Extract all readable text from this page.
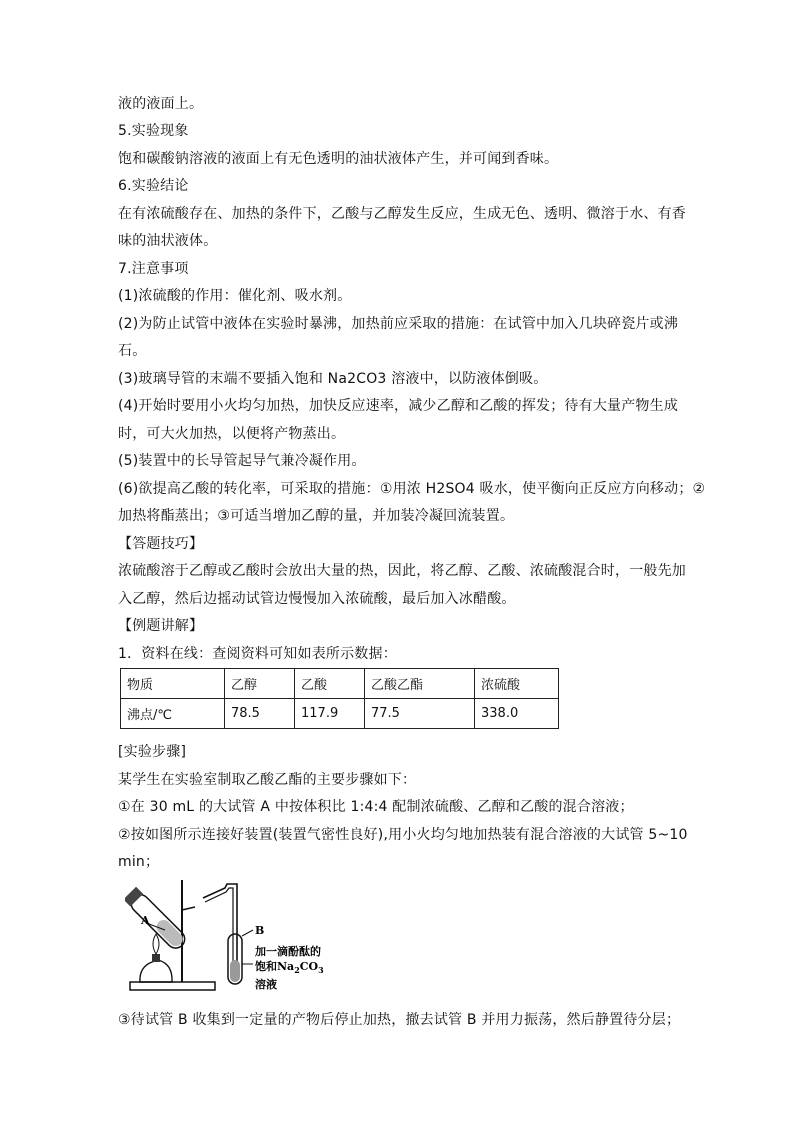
液的液面上。
5.实验现象
饱和碳酸钠溶液的液面上有无色透明的油状液体产生，并可闻到香味。
6.实验结论
在有浓硫酸存在、加热的条件下，乙酸与乙醇发生反应，生成无色、透明、微溶于水、有香
味的油状液体。
7.注意事项
(1)浓硫酸的作用：催化剂、吸水剂。
(2)为防止试管中液体在实验时暴沸，加热前应采取的措施：在试管中加入几块碎瓷片或沸
石。
(3)玻璃导管的末端不要插入饱和 Na2CO3 溶液中，以防液体倒吸。
(4)开始时要用小火均匀加热，加快反应速率，减少乙醇和乙酸的挥发；待有大量产物生成
时，可大火加热，以便将产物蒸出。
(5)装置中的长导管起导气兼冷凝作用。
(6)欲提高乙酸的转化率，可采取的措施：①用浓 H2SO4 吸水，使平衡向正反应方向移动；②
加热将酯蒸出；③可适当增加乙醇的量，并加装冷凝回流装置。
【答题技巧】
浓硫酸溶于乙醇或乙酸时会放出大量的热，因此，将乙醇、乙酸、浓硫酸混合时，一般先加
入乙醇，然后边摇动试管边慢慢加入浓硫酸，最后加入冰醋酸。
【例题讲解】
1．资料在线：查阅资料可知如表所示数据：
物质	乙醇	乙酸	乙酸乙酯	浓硫酸
沸点/℃	78.5	117.9	77.5	338.0
[实验步骤]
某学生在实验室制取乙酸乙酯的主要步骤如下：
①在 30 mL 的大试管 A 中按体积比 1:4:4 配制浓硫酸、乙醇和乙酸的混合溶液；
②按如图所示连接好装置(装置气密性良好),用小火均匀地加热装有混合溶液的大试管 5~10
min；
A
B
加一滴酚酞的
饱和$Na_2CO_3$
溶液
③待试管 B 收集到一定量的产物后停止加热，撤去试管 B 并用力振荡，然后静置待分层；
